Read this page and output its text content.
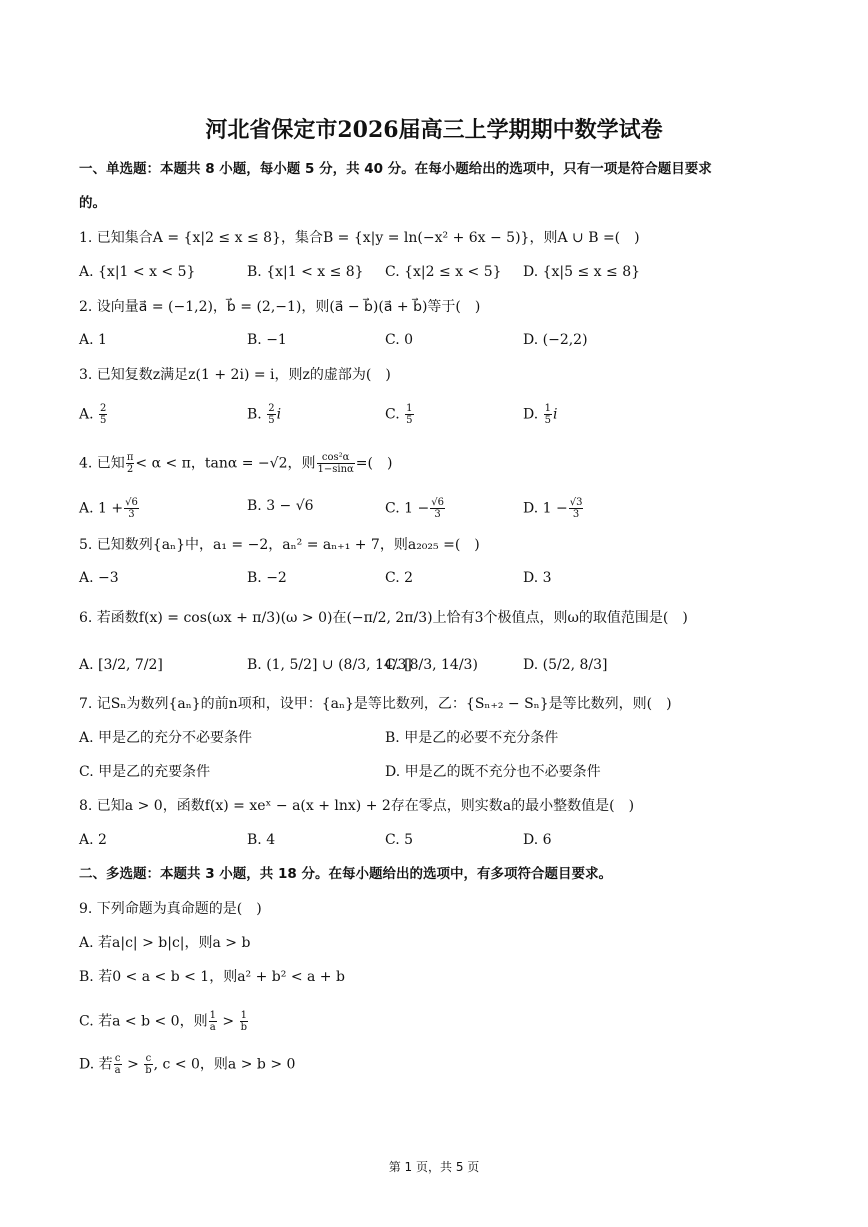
河北省保定市2026届高三上学期期中数学试卷
一、单选题：本题共 8 小题，每小题 5 分，共 40 分。在每小题给出的选项中，只有一项是符合题目要求
的。
1. 已知集合A = {x|2 ≤ x ≤ 8}，集合B = {x|y = ln(−x² + 6x − 5)}，则A ∪ B =(　)
A. {x|1 < x < 5}	B. {x|1 < x ≤ 8} C. {x|2 ≤ x < 5} D. {x|5 ≤ x ≤ 8}
2. 设向量a⃗ = (−1,2)，b⃗ = (2,−1)，则(a⃗ − b⃗)(a⃗ + b⃗)等于(　)
A. 1	B. −1	C. 0	D. (−2,2)
3. 已知复数z满足z(1 + 2i) = i，则z的虚部为(　)
A. $\frac{2}{5}$	B. $\frac{2}{5}$ i	C. $\frac{1}{5}$	D. $\frac{1}{5}$ i
4. 已知 $\frac{\pi}{2} < \alpha < \pi$，tanα = −√2，则 $\frac{\text{cos²α}}{1-\sin\alpha}$ =(　)
A. $1 + \frac{√6}{3}$	B. 3 − √6	C. $1 - \frac{√6}{3}$	D. $1 - \frac{√3}{3}$
5. 已知数列{aₙ}中，a₁ = −2，aₙ² = aₙ₊₁ + 7，则a₂₀₂₅ =(　)
A. −3	B. −2	C. 2	D. 3
6. 若函数f(x) = cos(ωx + π/3)(ω > 0)在(−π/2, 2π/3)上恰有3个极值点，则ω的取值范围是(　)
A. [3/2, 7/2]	B. (1, 5/2] ∪ (8/3, 14/3]
C. [8/3, 14/3)	D. (5/2, 8/3]
7. 记Sₙ为数列{aₙ}的前n项和，设甲：{aₙ}是等比数列，乙：{Sₙ₊₂ − Sₙ}是等比数列，则(　)
A. 甲是乙的充分不必要条件	B. 甲是乙的必要不充分条件
C. 甲是乙的充要条件	D. 甲是乙的既不充分也不必要条件
8. 已知a > 0，函数f(x) = xeˣ − a(x + lnx) + 2存在零点，则实数a的最小整数值是(　)
A. 2	B. 4	C. 5	D. 6
二、多选题：本题共 3 小题，共 18 分。在每小题给出的选项中，有多项符合题目要求。
9. 下列命题为真命题的是(　)
A. 若a|c| > b|c|，则a > b
B. 若0 < a < b < 1，则a² + b² < a + b
C. 若a < b < 0，则 $\frac{1}{a} > \frac{1}{b}$
D. 若 $\frac{c}{a} > \frac{c}{b}$ , c < 0，则a > b > 0
第 1 页，共 5 页
